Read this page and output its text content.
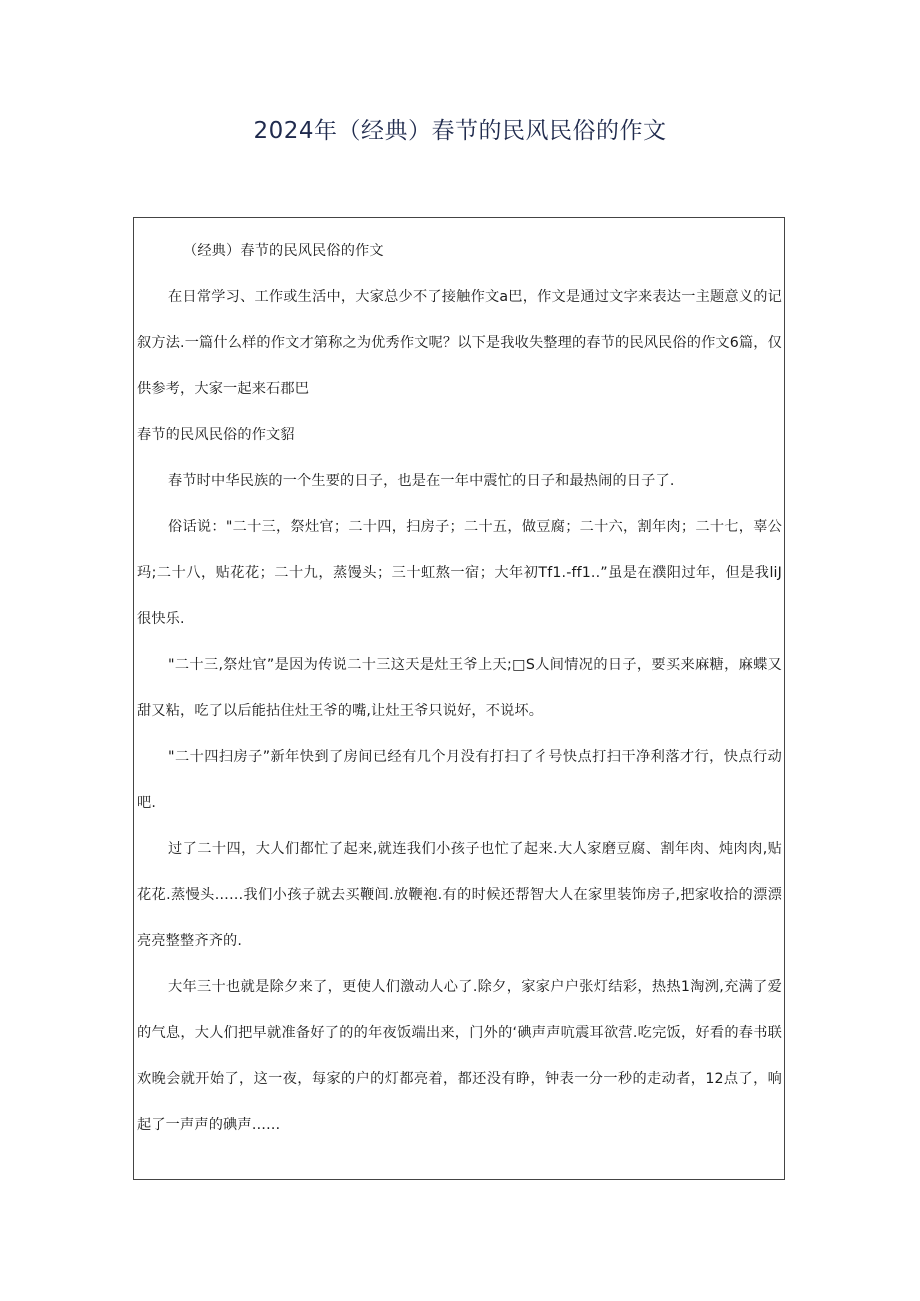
2024年（经典）春节的民风民俗的作文

（经典）春节的民风民俗的作文

在日常学习、工作或生活中，大家总少不了接触作文a巴，作文是通过文字来表达一主题意义的记叙方法.一篇什么样的作文才第称之为优秀作文呢？以下是我收失整理的春节的民风民俗的作文6篇，仅供参考，大家一起来石郡巴

春节的民风民俗的作文貂

春节时中华民族的一个生要的日子，也是在一年中震忙的日子和最热闹的日子了.

俗话说："二十三，祭灶官；二十四，扫房子；二十五，做豆腐；二十六，割年肉；二十七，辜公玛;二十八，贴花花；二十九，蒸馒头；三十虹熬一宿；大年初Tf1.-ff1..”虽是在濮阳过年，但是我liJ很快乐.

"二十三,祭灶官”是因为传说二十三这天是灶王爷上天;□S人间情况的日子，要买来麻糖，麻蝶又甜又粘，吃了以后能拈住灶王爷的嘴,让灶王爷只说好，不说坏。

"二十四扫房子”新年快到了房间已经有几个月没有打扫了彳号快点打扫干净利落才行，快点行动吧.

过了二十四，大人们都忙了起来,就连我们小孩子也忙了起来.大人家磨豆腐、割年肉、炖肉肉,贴花花.蒸慢头……我们小孩子就去买鞭闾.放鞭袍.有的时候还帮智大人在家里装饰房子,把家收拾的漂漂亮亮整整齐齐的.

大年三十也就是除夕来了，更使人们激动人心了.除夕，家家户户张灯结彩，热热1淘洌,充满了爱的气息，大人们把早就准备好了的的年夜饭端出来，门外的‘碘声声吭震耳欲营.吃完饭，好看的春书联欢晚会就开始了，这一夜，每家的户的灯都亮着，都还没有睁，钟表一分一秒的走动者，12点了，响起了一声声的碘声……
